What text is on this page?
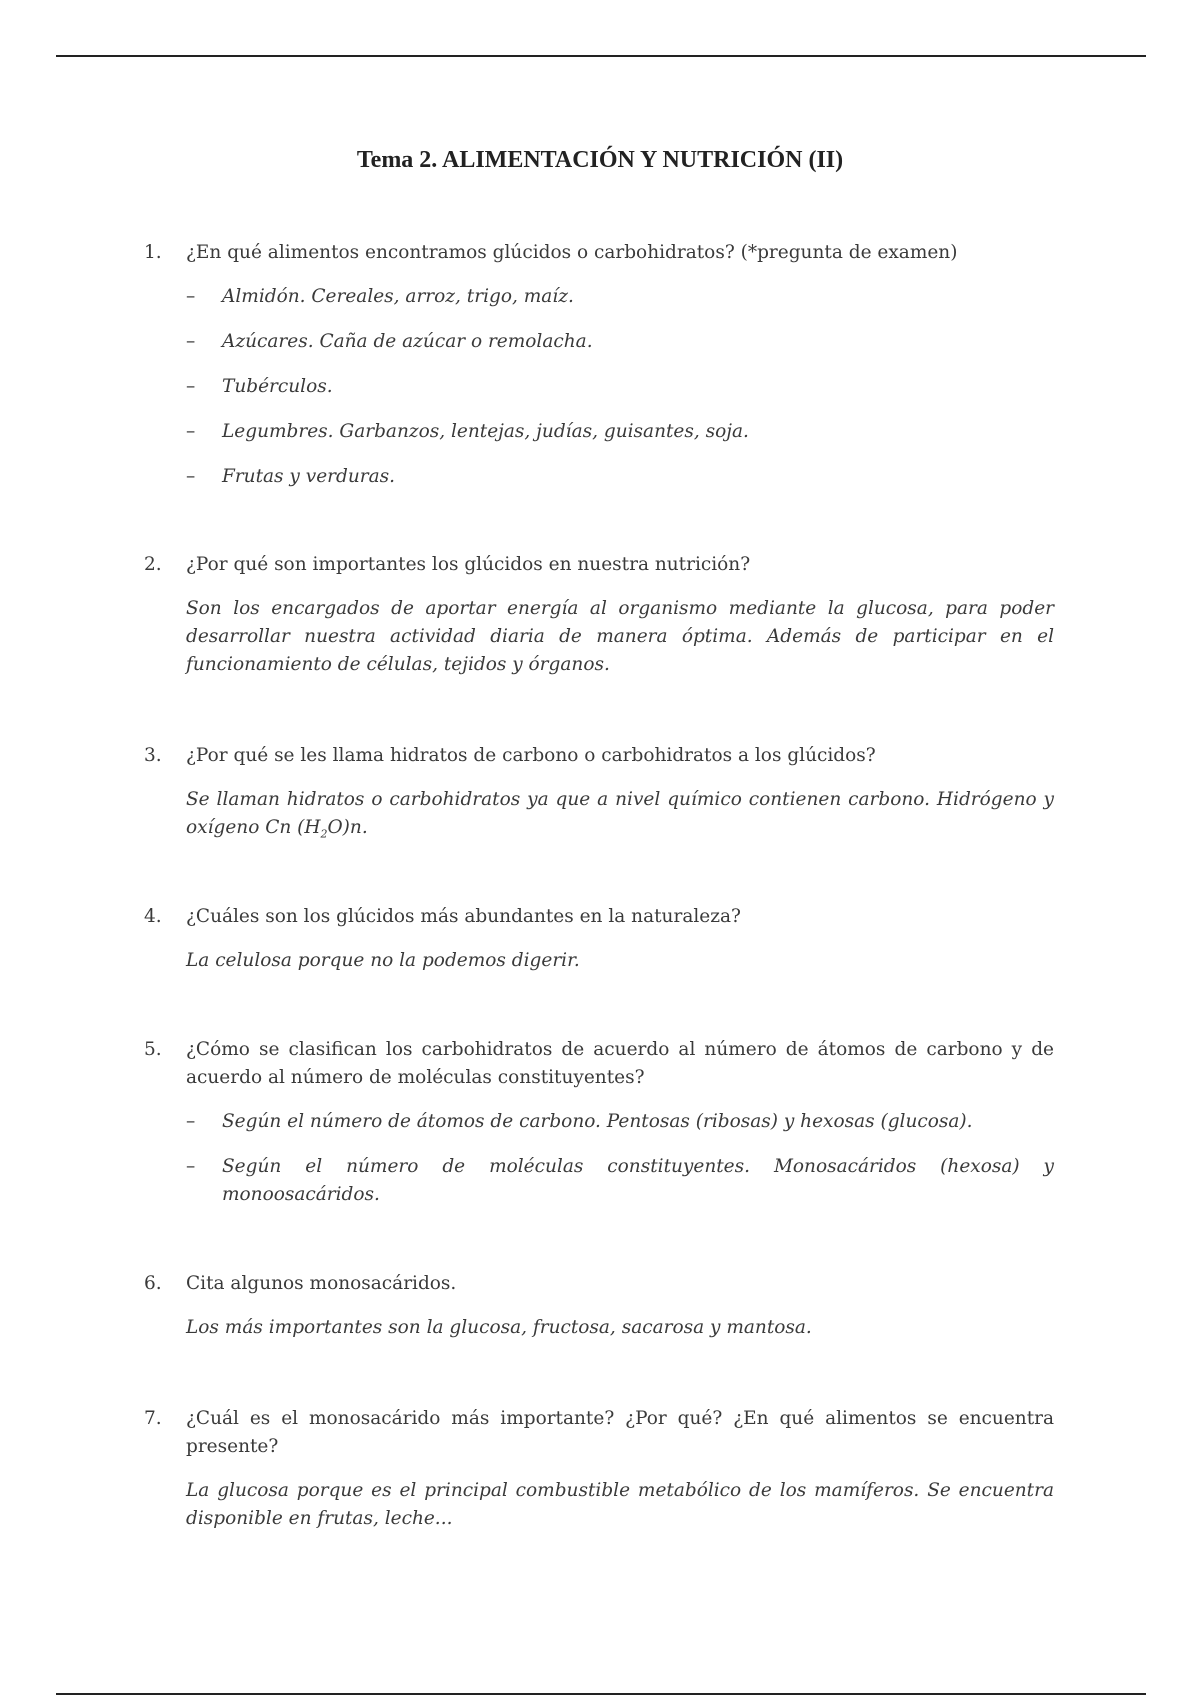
Tema 2. ALIMENTACIÓN Y NUTRICIÓN (II)
1. ¿En qué alimentos encontramos glúcidos o carbohidratos? (*pregunta de examen)
– Almidón. Cereales, arroz, trigo, maíz.
– Azúcares. Caña de azúcar o remolacha.
– Tubérculos.
– Legumbres. Garbanzos, lentejas, judías, guisantes, soja.
– Frutas y verduras.
2. ¿Por qué son importantes los glúcidos en nuestra nutrición?
Son los encargados de aportar energía al organismo mediante la glucosa, para poder desarrollar nuestra actividad diaria de manera óptima. Además de participar en el funcionamiento de células, tejidos y órganos.
3. ¿Por qué se les llama hidratos de carbono o carbohidratos a los glúcidos?
Se llaman hidratos o carbohidratos ya que a nivel químico contienen carbono. Hidrógeno y oxígeno Cn $(H_2O)n$.
4. ¿Cuáles son los glúcidos más abundantes en la naturaleza?
La celulosa porque no la podemos digerir.
5. ¿Cómo se clasifican los carbohidratos de acuerdo al número de átomos de carbono y de acuerdo al número de moléculas constituyentes?
– Según el número de átomos de carbono. Pentosas (ribosas) y hexosas (glucosa).
– Según el número de moléculas constituyentes. Monosacáridos (hexosa) y monoosacáridos.
6. Cita algunos monosacáridos.
Los más importantes son la glucosa, fructosa, sacarosa y mantosa.
7. ¿Cuál es el monosacárido más importante? ¿Por qué? ¿En qué alimentos se encuentra presente?
La glucosa porque es el principal combustible metabólico de los mamíferos. Se encuentra disponible en frutas, leche...
